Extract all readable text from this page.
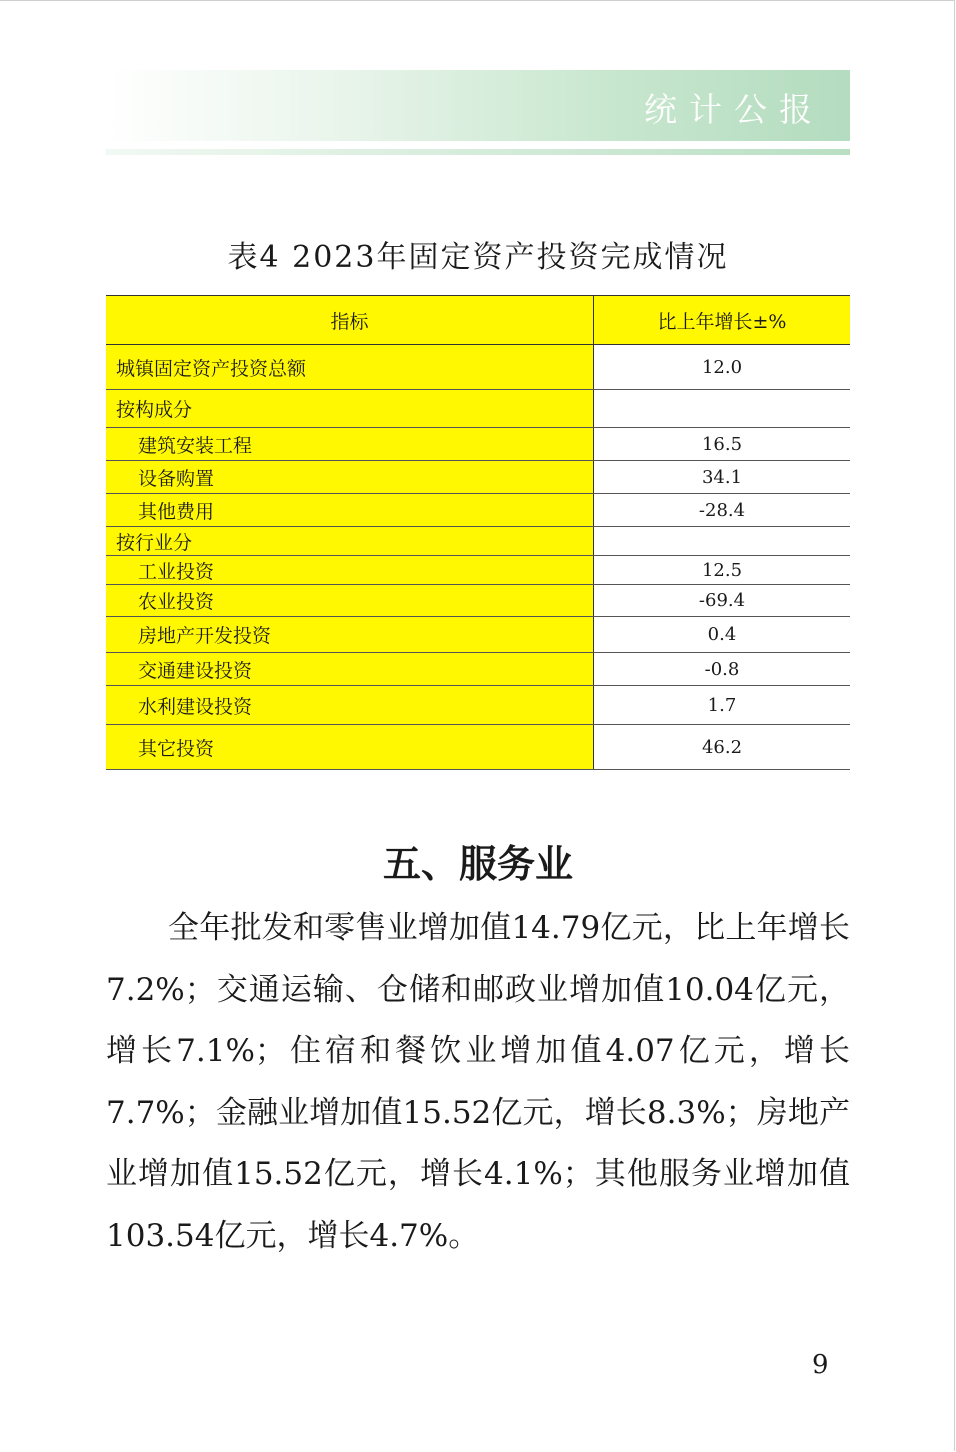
统计公报
表4 2023年固定资产投资完成情况
指标	比上年增长±%
城镇固定资产投资总额	12.0
按构成分	
建筑安装工程	16.5
设备购置	34.1
其他费用	-28.4
按行业分	
工业投资	12.5
农业投资	-69.4
房地产开发投资	0.4
交通建设投资	-0.8
水利建设投资	1.7
其它投资	46.2
五、服务业

全年批发和零售业增加值14.79亿元，比上年增长7.2%；交通运输、仓储和邮政业增加值10.04亿元，增长7.1%；住宿和餐饮业增加值4.07亿元，增长7.7%；金融业增加值15.52亿元，增长8.3%；房地产业增加值15.52亿元，增长4.1%；其他服务业增加值103.54亿元，增长4.7%。

9
